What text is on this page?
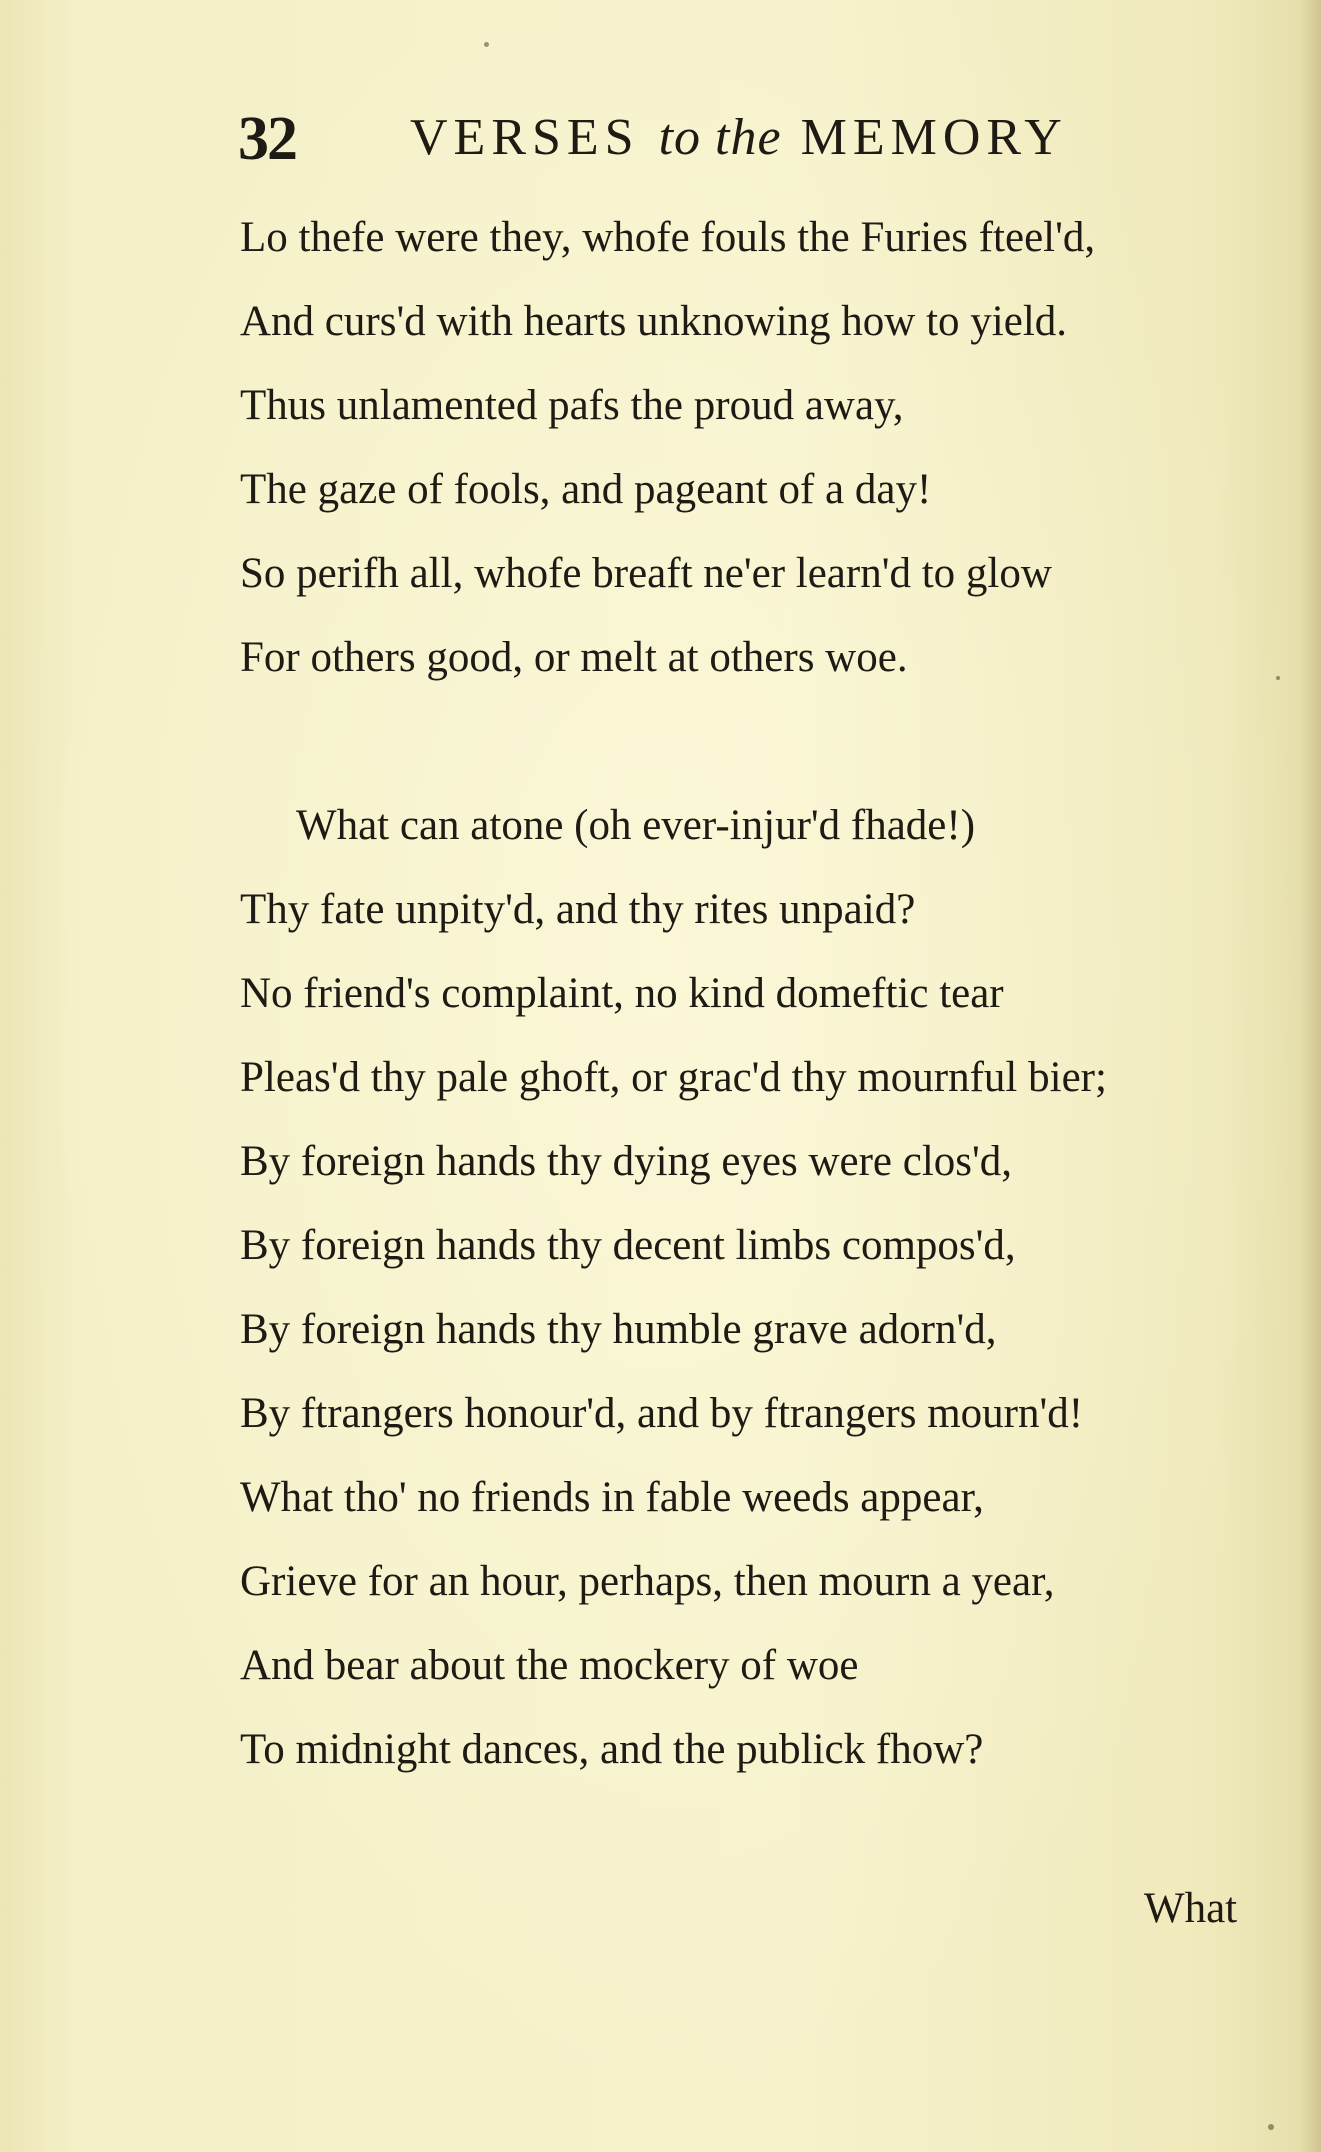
32 VERSES to the MEMORY
Lo thefe were they, whofe fouls the Furies fteel'd,
And curs'd with hearts unknowing how to yield.
Thus unlamented pafs the proud away,
The gaze of fools, and pageant of a day!
So perifh all, whofe breaft ne'er learn'd to glow
For others good, or melt at others woe.
What can atone (oh ever-injur'd fhade!)
Thy fate unpity'd, and thy rites unpaid?
No friend's complaint, no kind domeftic tear
Pleas'd thy pale ghoft, or grac'd thy mournful bier;
By foreign hands thy dying eyes were clos'd,
By foreign hands thy decent limbs compos'd,
By foreign hands thy humble grave adorn'd,
By ftrangers honour'd, and by ftrangers mourn'd!
What tho' no friends in fable weeds appear,
Grieve for an hour, perhaps, then mourn a year,
And bear about the mockery of woe
To midnight dances, and the publick fhow?
What
